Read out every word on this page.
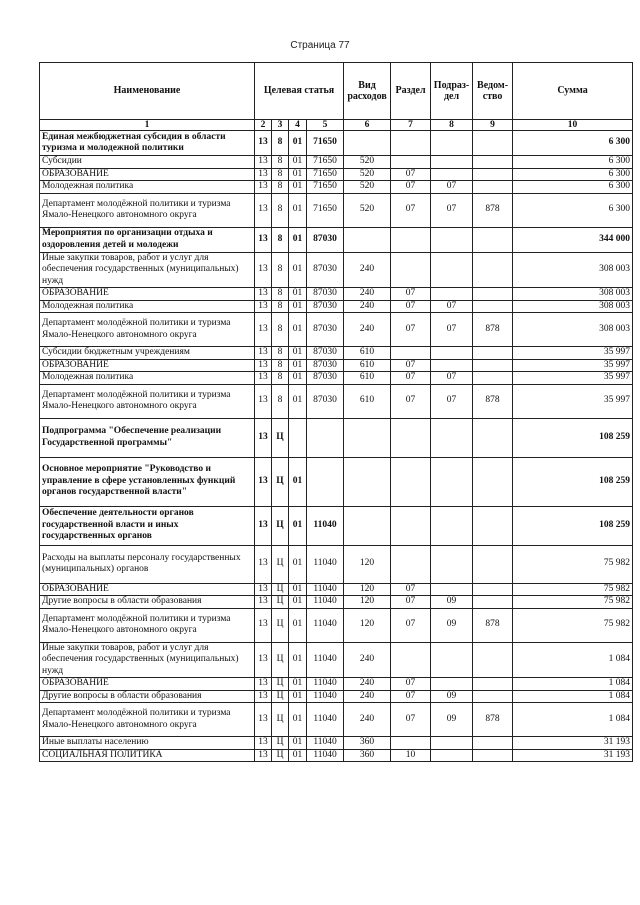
Страница 77
Наименование	Целевая статья				Вид расходов	Раздел	Подраз-дел	Ведом-ство	Сумма
1	2	3	4	5	6	7	8	9	10
Единая межбюджетная субсидия в области туризма и молодежной политики	13	8	01	71650					6 300
Субсидии	13	8	01	71650	520				6 300
ОБРАЗОВАНИЕ	13	8	01	71650	520	07			6 300
Молодежная политика	13	8	01	71650	520	07	07		6 300
Департамент молодёжной политики и туризма Ямало-Ненецкого автономного округа	13	8	01	71650	520	07	07	878	6 300
Мероприятия по организации отдыха и оздоровления детей и молодежи	13	8	01	87030					344 000
Иные закупки товаров, работ и услуг для обеспечения государственных (муниципальных) нужд	13	8	01	87030	240				308 003
ОБРАЗОВАНИЕ	13	8	01	87030	240	07			308 003
Молодежная политика	13	8	01	87030	240	07	07		308 003
Департамент молодёжной политики и туризма Ямало-Ненецкого автономного округа	13	8	01	87030	240	07	07	878	308 003
Субсидии бюджетным учреждениям	13	8	01	87030	610				35 997
ОБРАЗОВАНИЕ	13	8	01	87030	610	07			35 997
Молодежная политика	13	8	01	87030	610	07	07		35 997
Департамент молодёжной политики и туризма Ямало-Ненецкого автономного округа	13	8	01	87030	610	07	07	878	35 997
Подпрограмма "Обеспечение реализации Государственной программы"	13	Ц							108 259
Основное мероприятие "Руководство и управление в сфере установленных функций органов государственной власти"	13	Ц	01						108 259
Обеспечение деятельности органов государственной власти и иных государственных органов	13	Ц	01	11040					108 259
Расходы на выплаты персоналу государственных (муниципальных) органов	13	Ц	01	11040	120				75 982
ОБРАЗОВАНИЕ	13	Ц	01	11040	120	07			75 982
Другие вопросы в области образования	13	Ц	01	11040	120	07	09		75 982
Департамент молодёжной политики и туризма Ямало-Ненецкого автономного округа	13	Ц	01	11040	120	07	09	878	75 982
Иные закупки товаров, работ и услуг для обеспечения государственных (муниципальных) нужд	13	Ц	01	11040	240				1 084
ОБРАЗОВАНИЕ	13	Ц	01	11040	240	07			1 084
Другие вопросы в области образования	13	Ц	01	11040	240	07	09		1 084
Департамент молодёжной политики и туризма Ямало-Ненецкого автономного округа	13	Ц	01	11040	240	07	09	878	1 084
Иные выплаты населению	13	Ц	01	11040	360				31 193
СОЦИАЛЬНАЯ ПОЛИТИКА	13	Ц	01	11040	360	10			31 193
